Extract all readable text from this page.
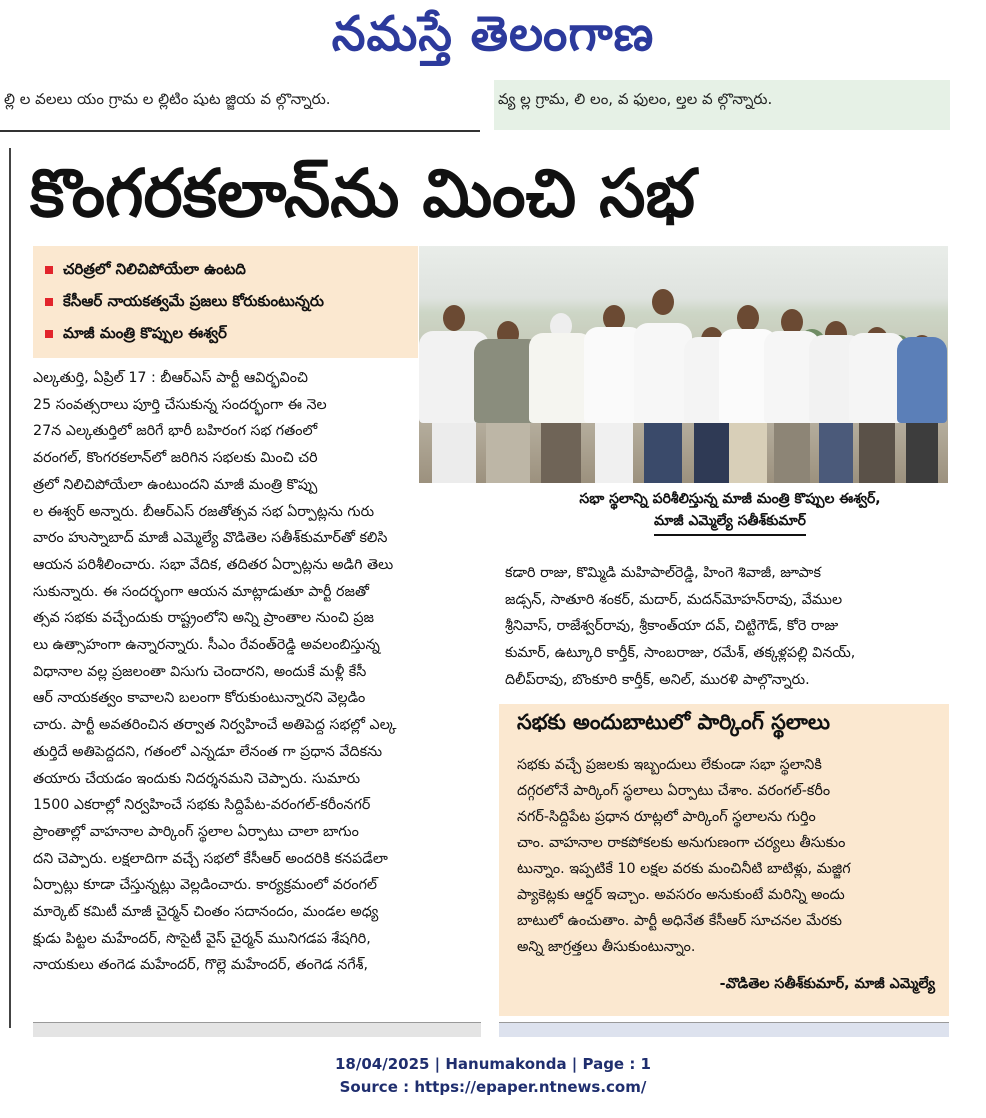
నమస్తే తెలంగాణ
ల్లి ల వలలు యం గ్రామ ల ల్లిటిం షుట జ్జియ వ ల్గొన్నారు.	వ్య ల్ల గ్రామ, లి లం, వ ఫులం, ల్తల వ ల్గొన్నారు.
కొంగరకలాన్‌ను మించి సభ
చరిత్రలో నిలిచిపోయేలా ఉంటది
కేసీఆర్‌ నాయకత్వమే ప్రజలు కోరుకుంటున్నరు
మాజీ మంత్రి కొప్పుల ఈశ్వర్‌
సభా స్థలాన్ని పరిశీలిస్తున్న మాజీ మంత్రి కొప్పుల ఈశ్వర్‌,
మాజీ ఎమ్మెల్యే సతీశ్‌కుమార్‌
ఎల్కతుర్తి, ఏప్రిల్‌ 17 : బీఆర్‌ఎస్‌ పార్టీ ఆవిర్భవించి
25 సంవత్సరాలు పూర్తి చేసుకున్న సందర్భంగా ఈ నెల
27న ఎల్కతుర్తిలో జరిగే భారీ బహిరంగ సభ గతంలో
వరంగల్‌, కొంగరకలాన్‌లో జరిగిన సభలకు మించి చరి
త్రలో నిలిచిపోయేలా ఉంటుందని మాజీ మంత్రి కొప్పు
ల ఈశ్వర్‌ అన్నారు. బీఆర్‌ఎస్‌ రజతోత్సవ సభ ఏర్పాట్లను గురు
వారం హుస్నాబాద్‌ మాజీ ఎమ్మెల్యే వొడితెల సతీశ్‌కుమార్‌తో కలిసి
ఆయన పరిశీలించారు. సభా వేదిక, తదితర ఏర్పాట్లను అడిగి తెలు
సుకున్నారు. ఈ సందర్భంగా ఆయన మాట్లాడుతూ పార్టీ రజతో
త్సవ సభకు వచ్చేందుకు రాష్ట్రంలోని అన్ని ప్రాంతాల నుంచి ప్రజ
లు ఉత్సాహంగా ఉన్నారన్నారు. సీఎం రేవంత్‌రెడ్డి అవలంబిస్తున్న
విధానాల వల్ల ప్రజలంతా విసుగు చెందారని, అందుకే మళ్లీ కేసీ
ఆర్‌ నాయకత్వం కావాలని బలంగా కోరుకుంటున్నారని వెల్లడిం
చారు. పార్టీ అవతరించిన తర్వాత నిర్వహించే అతిపెద్ద సభల్లో ఎల్క
తుర్తిదే అతిపెద్దదని, గతంలో ఎన్నడూ లేనంత గా ప్రధాన వేదికను
తయారు చేయడం ఇందుకు నిదర్శనమని చెప్పారు. సుమారు
1500 ఎకరాల్లో నిర్వహించే సభకు సిద్దిపేట-వరంగల్‌-కరీంనగర్‌
ప్రాంతాల్లో వాహనాల పార్కింగ్‌ స్థలాల ఏర్పాటు చాలా బాగుం
దని చెప్పారు. లక్షలాదిగా వచ్చే సభలో కేసీఆర్‌ అందరికి కనపడేలా
ఏర్పాట్లు కూడా చేస్తున్నట్లు వెల్లడించారు. కార్యక్రమంలో వరంగల్‌
మార్కెట్‌ కమిటీ మాజీ చైర్మన్‌ చింతం సదానందం, మండల అధ్య
క్షుడు పిట్టల మహేందర్‌, సొసైటీ వైస్‌ చైర్మన్‌ మునిగడప శేషగిరి,
నాయకులు తంగెడ మహేందర్‌, గొల్లె మహేందర్‌, తంగెడ నగేశ్‌,
కడారి రాజు, కొమ్మిడి మహిపాల్‌రెడ్డి, హింగె శివాజీ, జూపాక
జడ్సన్‌, సాతూరి శంకర్‌, మదార్‌, మదన్‌మోహన్‌రావు, వేముల
శ్రీనివాస్‌, రాజేశ్వర్‌రావు, శ్రీకాంత్‌యా దవ్‌, చిట్టిగౌడ్‌, కోరె రాజు
కుమార్‌, ఉట్కూరి కార్తీక్‌, సాంబరాజు, రమేశ్‌, తక్కళ్లపల్లి వినయ్‌,
దిలీప్‌రావు, బొంకూరి కార్తీక్‌, అనిల్‌, మురళి పాల్గొన్నారు.
సభకు అందుబాటులో పార్కింగ్‌ స్థలాలు
సభకు వచ్చే ప్రజలకు ఇబ్బందులు లేకుండా సభా స్థలానికి
దగ్గరలోనే పార్కింగ్‌ స్థలాలు ఏర్పాటు చేశాం. వరంగల్‌-కరీం
నగర్‌-సిద్దిపేట ప్రధాన రూట్లలో పార్కింగ్‌ స్థలాలను గుర్తిం
చాం. వాహనాల రాకపోకలకు అనుగుణంగా చర్యలు తీసుకుం
టున్నాం. ఇప్పటికే 10 లక్షల వరకు మంచినీటి బాటిళ్లు, మజ్జిగ
ప్యాకెట్లకు ఆర్డర్‌ ఇచ్చాం. అవసరం అనుకుంటే మరిన్ని అందు
బాటులో ఉంచుతాం. పార్టీ అధినేత కేసీఆర్‌ సూచనల మేరకు
అన్ని జాగ్రత్తలు తీసుకుంటున్నాం.
-వొడితెల సతీశ్‌కుమార్‌, మాజీ ఎమ్మెల్యే
18/04/2025 | Hanumakonda | Page : 1
Source : https://epaper.ntnews.com/
